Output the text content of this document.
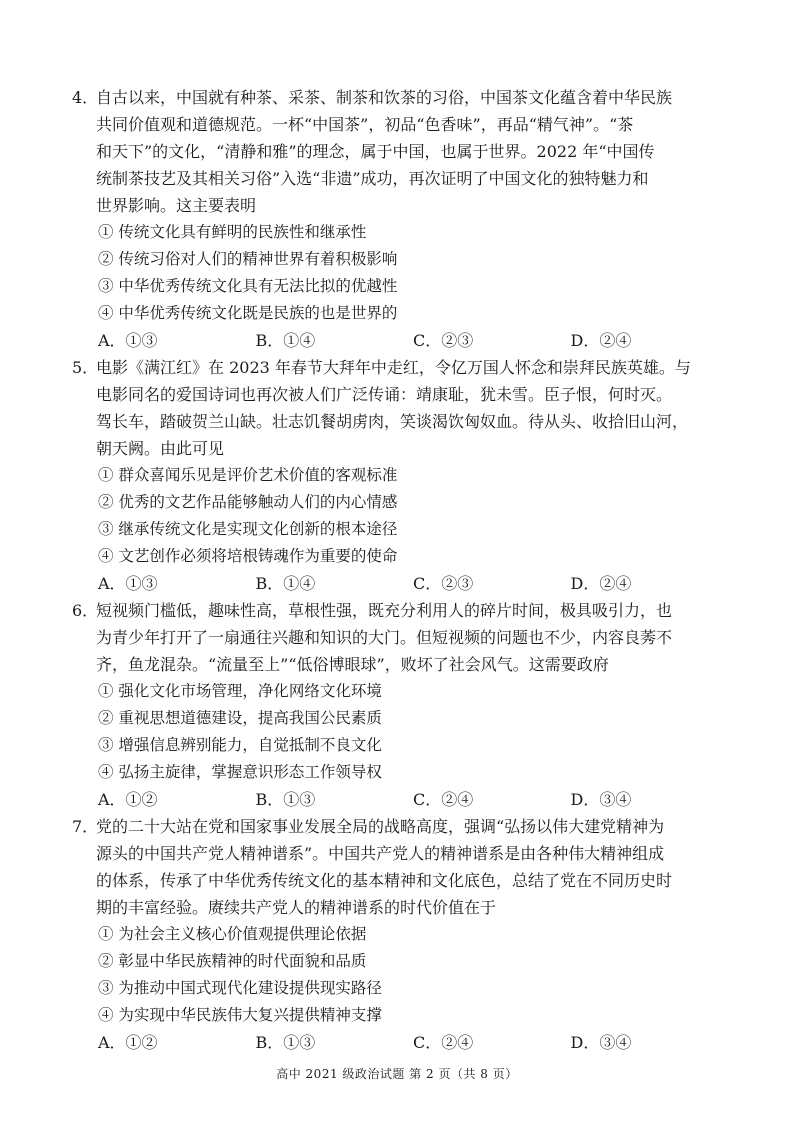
4．

自古以来，中国就有种茶、采茶、制茶和饮茶的习俗，中国茶文化蕴含着中华民族

共同价值观和道德规范。一杯“中国茶”，初品“色香味”，再品“精气神”。“茶

和天下”的文化，“清静和雅”的理念，属于中国，也属于世界。2022 年“中国传

统制茶技艺及其相关习俗”入选“非遗”成功，再次证明了中国文化的独特魅力和

世界影响。这主要表明

① 传统文化具有鲜明的民族性和继承性

② 传统习俗对人们的精神世界有着积极影响

③ 中华优秀传统文化具有无法比拟的优越性

④ 中华优秀传统文化既是民族的也是世界的

A．①③	B．①④	C．②③	D．②④
5．

电影《满江红》在 2023 年春节大拜年中走红，令亿万国人怀念和崇拜民族英雄。与

电影同名的爱国诗词也再次被人们广泛传诵：靖康耻，犹未雪。臣子恨，何时灭。

驾长车，踏破贺兰山缺。壮志饥餐胡虏肉，笑谈渴饮匈奴血。待从头、收拾旧山河，

朝天阙。由此可见

① 群众喜闻乐见是评价艺术价值的客观标准

② 优秀的文艺作品能够触动人们的内心情感

③ 继承传统文化是实现文化创新的根本途径

④ 文艺创作必须将培根铸魂作为重要的使命

A．①③	B．①④	C．②③	D．②④
6．

短视频门槛低，趣味性高，草根性强，既充分利用人的碎片时间，极具吸引力，也

为青少年打开了一扇通往兴趣和知识的大门。但短视频的问题也不少，内容良莠不

齐，鱼龙混杂。“流量至上”“低俗博眼球”，败坏了社会风气。这需要政府

① 强化文化市场管理，净化网络文化环境

② 重视思想道德建设，提高我国公民素质

③ 增强信息辨别能力，自觉抵制不良文化

④ 弘扬主旋律，掌握意识形态工作领导权

A．①②	B．①③	C．②④	D．③④
7．

党的二十大站在党和国家事业发展全局的战略高度，强调“弘扬以伟大建党精神为

源头的中国共产党人精神谱系”。中国共产党人的精神谱系是由各种伟大精神组成

的体系，传承了中华优秀传统文化的基本精神和文化底色，总结了党在不同历史时

期的丰富经验。赓续共产党人的精神谱系的时代价值在于

① 为社会主义核心价值观提供理论依据

② 彰显中华民族精神的时代面貌和品质

③ 为推动中国式现代化建设提供现实路径

④ 为实现中华民族伟大复兴提供精神支撑

A．①②	B．①③	C．②④	D．③④
高中 2021 级政治试题 第 2 页（共 8 页）
